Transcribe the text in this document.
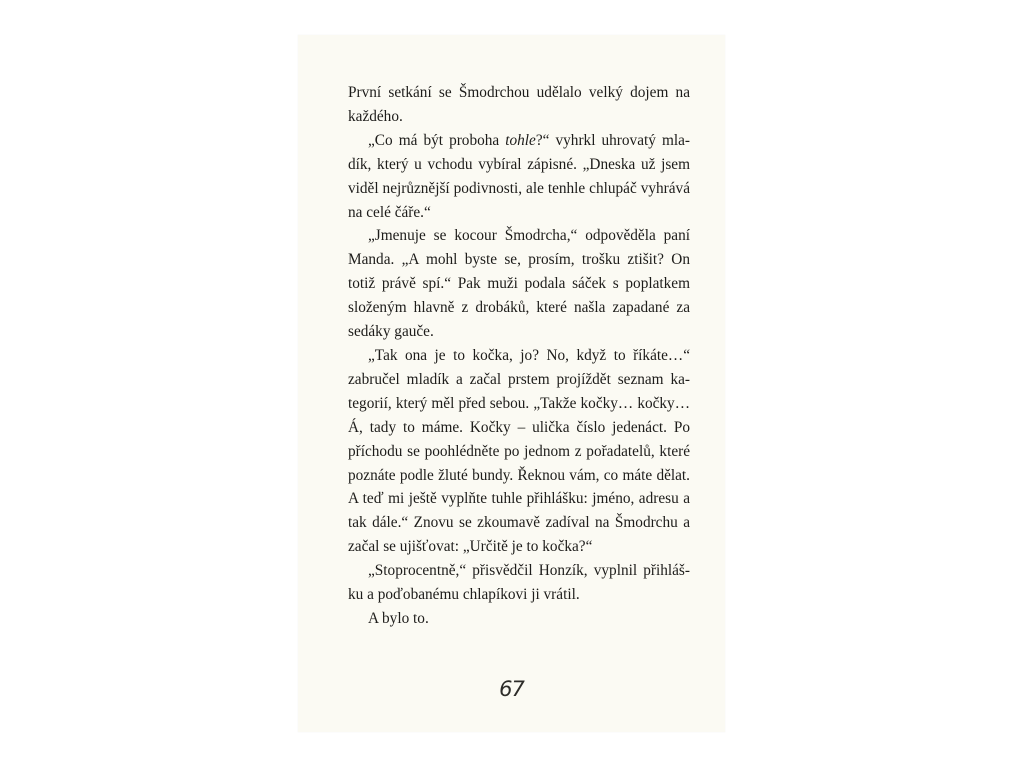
První setkání se Šmodrchou udělalo velký dojem na každého.

„Co má být proboha tohle?“ vyhrkl uhrovatý mladík, který u vchodu vybíral zápisné. „Dneska už jsem viděl nejrůznější podivnosti, ale tenhle chlupáč vyhrává na celé čáře.“

„Jmenuje se kocour Šmodrcha,“ odpověděla paní Manda. „A mohl byste se, prosím, trošku ztišit? On totiž právě spí.“ Pak muži podala sáček s poplatkem složeným hlavně z drobáků, které našla zapadané za sedáky gauče.

„Tak ona je to kočka, jo? No, když to říkáte…“ zabručel mladík a začal prstem projíždět seznam kategorií, který měl před sebou. „Takže kočky… kočky… Á, tady to máme. Kočky – ulička číslo jedenáct. Po příchodu se poohlédněte po jednom z pořadatelů, které poznáte podle žluté bundy. Řeknou vám, co máte dělat. A teď mi ještě vyplňte tuhle přihlášku: jméno, adresu a tak dále.“ Znovu se zkoumavě zadíval na Šmodrchu a začal se ujišťovat: „Určitě je to kočka?“

„Stoprocentně,“ přisvědčil Honzík, vyplnil přihlášku a poďobanému chlapíkovi ji vrátil.

A bylo to.

67
